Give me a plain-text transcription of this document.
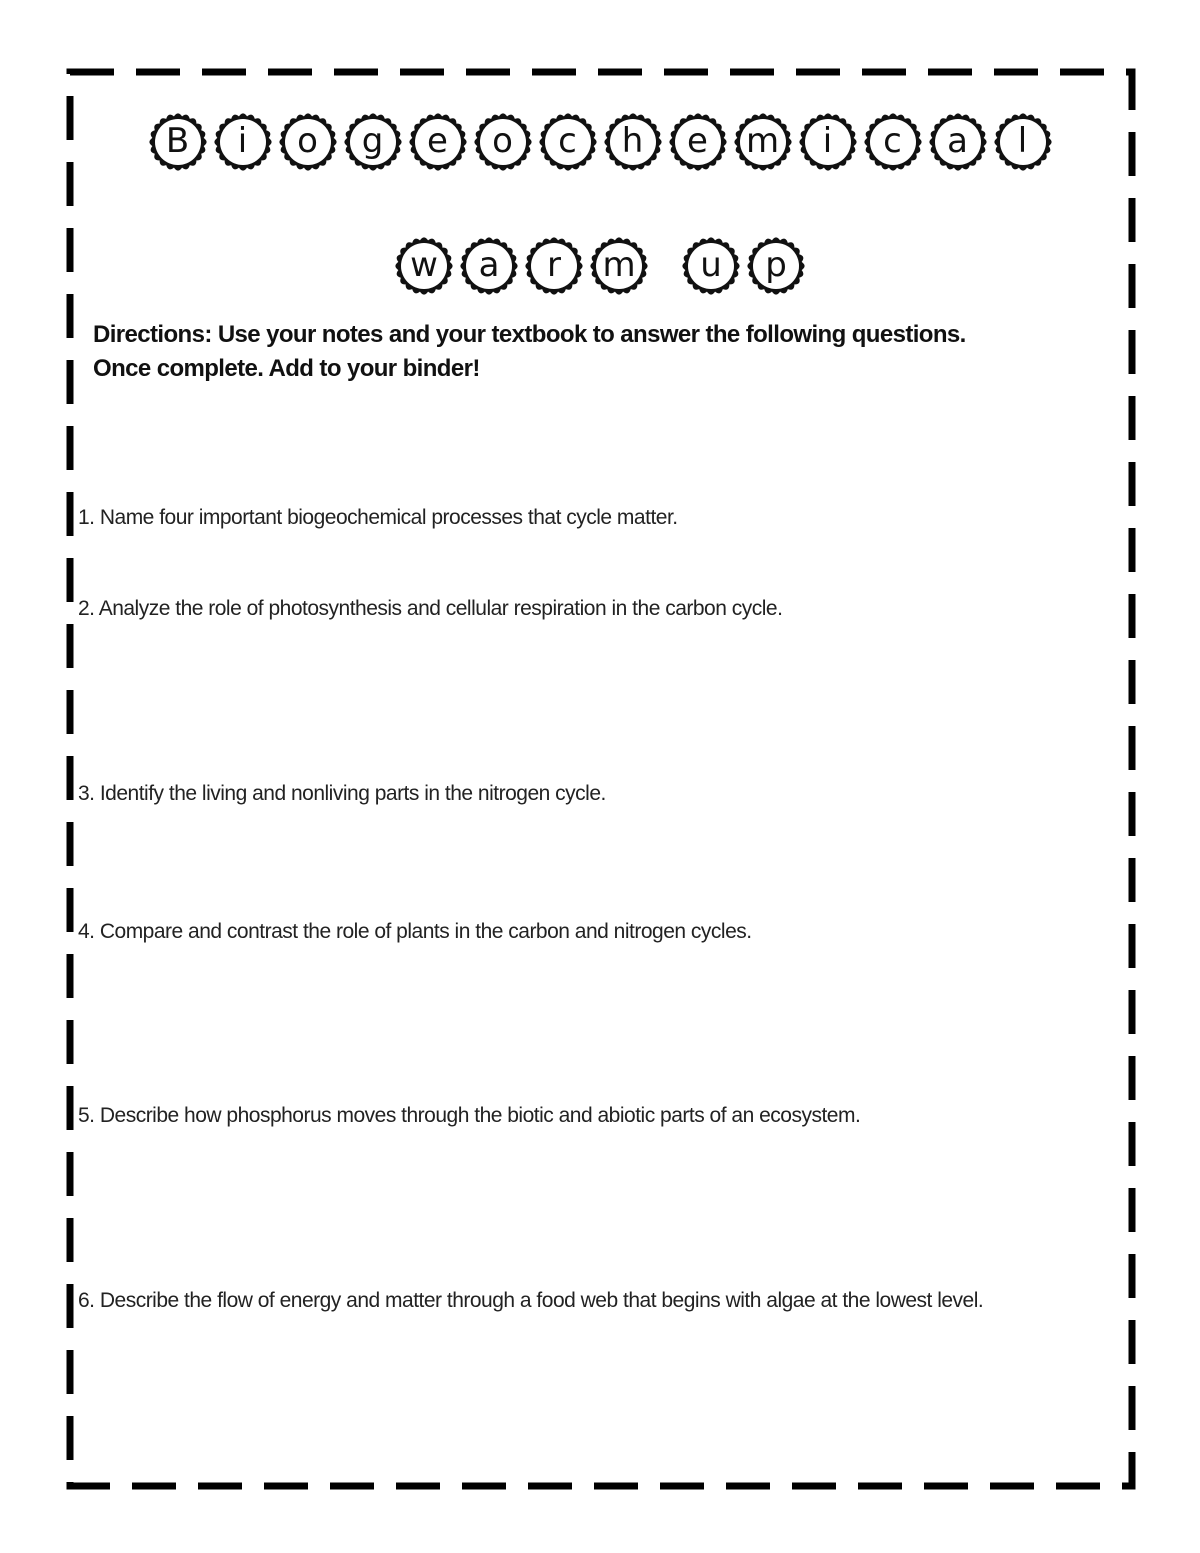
B i o g e o c h e m i c a l
w a r m u p

Directions: Use your notes and your textbook to answer the following questions.
Once complete. Add to your binder!

1. Name four important biogeochemical processes that cycle matter.

2. Analyze the role of photosynthesis and cellular respiration in the carbon cycle.

3. Identify the living and nonliving parts in the nitrogen cycle.

4. Compare and contrast the role of plants in the carbon and nitrogen cycles.

5. Describe how phosphorus moves through the biotic and abiotic parts of an ecosystem.

6. Describe the flow of energy and matter through a food web that begins with algae at the lowest level.
